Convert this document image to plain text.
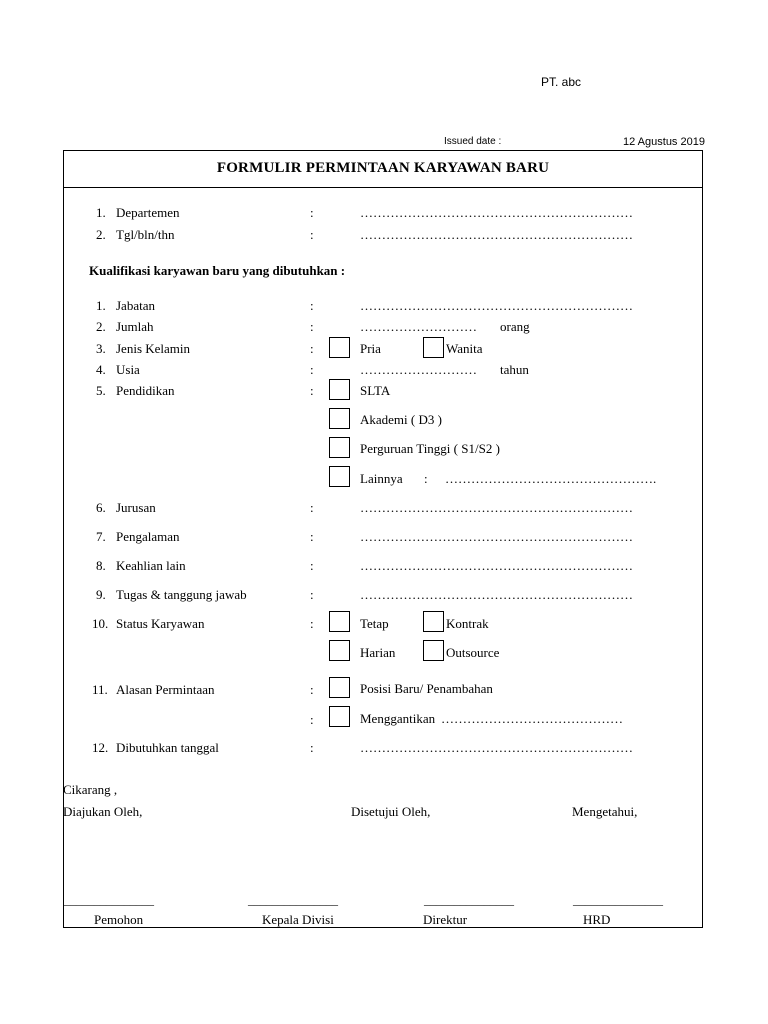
PT. abc
Issued date :	12 Agustus 2019
FORMULIR PERMINTAAN KARYAWAN BARU
1. Departemen	:	………………………………………………………
2. Tgl/bln/thn	:	………………………………………………………
Kualifikasi karyawan baru yang dibutuhkan :
1. Jabatan	:	………………………………………………………
2. Jumlah	:	……………………… orang
3. Jenis Kelamin	:	Pria	Wanita
4. Usia	:	……………………… tahun
5. Pendidikan	:	SLTA
Akademi ( D3 )
Perguruan Tinggi ( S1/S2 )
Lainnya : ………………………………………….
6. Jurusan	:	………………………………………………………
7. Pengalaman	:	………………………………………………………
8. Keahlian lain	:	………………………………………………………
9. Tugas & tanggung jawab	:	………………………………………………………
10. Status Karyawan	:	Tetap	Kontrak
Harian	Outsource
11. Alasan Permintaan	:	Posisi Baru/ Penambahan
:	Menggantikan ……………………………………
12. Dibutuhkan tanggal	:	………………………………………………………
Cikarang ,
Diajukan Oleh,	Disetujui Oleh,	Mengetahui,
_______________	_______________	_______________	_______________
Pemohon	Kepala Divisi	Direktur	HRD
